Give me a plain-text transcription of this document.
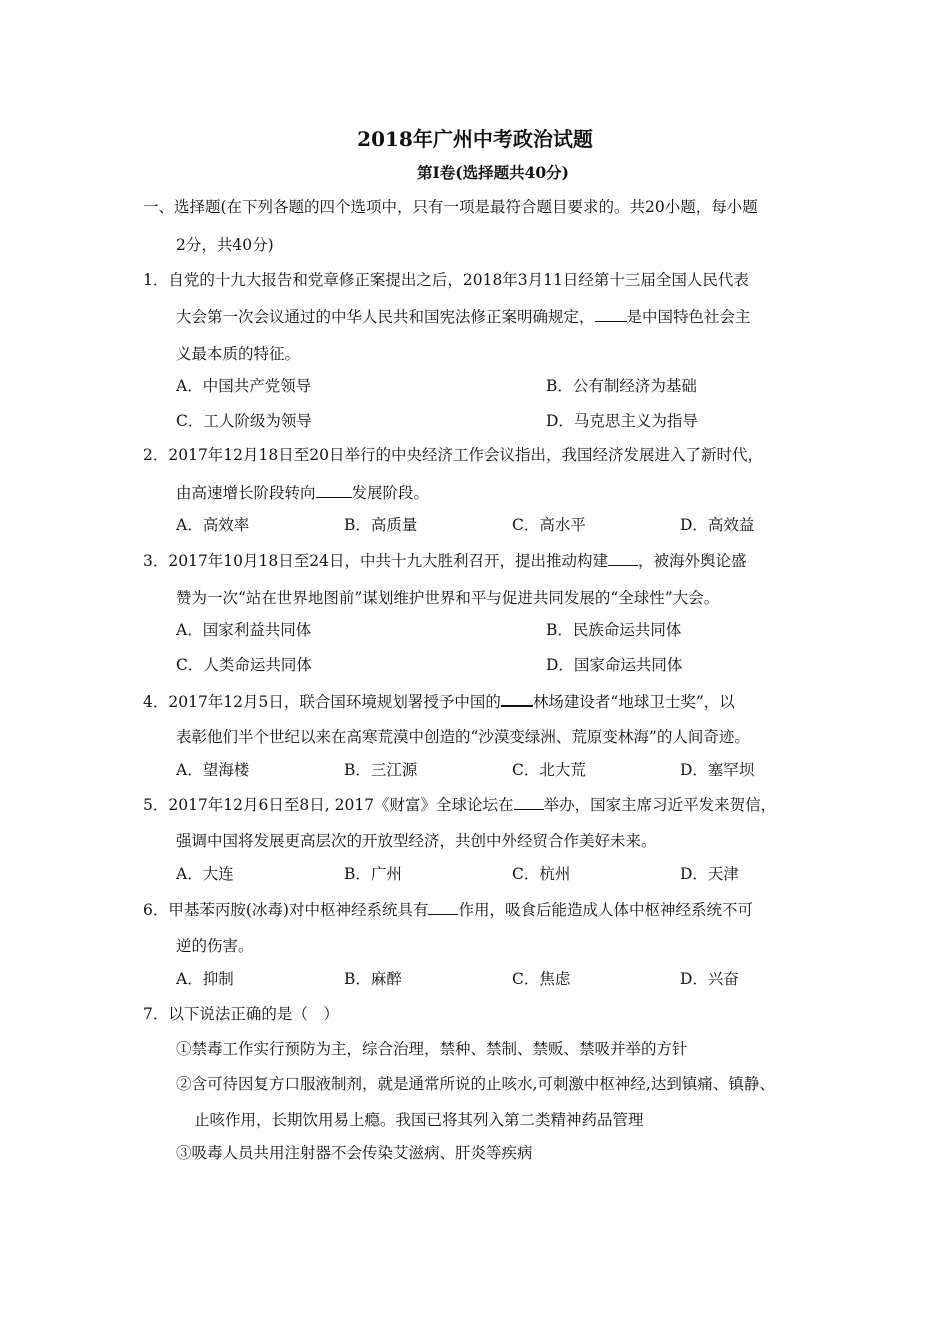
2018年广州中考政治试题
第I卷(选择题共40分)
一、选择题(在下列各题的四个选项中，只有一项是最符合题目要求的。共20小题，每小题
2分，共40分)
1．自党的十九大报告和党章修正案提出之后，2018年3月11日经第十三届全国人民代表
大会第一次会议通过的中华人民共和国宪法修正案明确规定， 是中国特色社会主
义最本质的特征。
A．中国共产党领导	B．公有制经济为基础
C．工人阶级为领导	D．马克思主义为指导
2．2017年12月18日至20日举行的中央经济工作会议指出，我国经济发展进入了新时代，
由高速增长阶段转向 发展阶段。
A．高效率	B．高质量	C．高水平	D．高效益
3．2017年10月18日至24日，中共十九大胜利召开，提出推动构建 ，被海外舆论盛
赞为一次“站在世界地图前”谋划维护世界和平与促进共同发展的“全球性”大会。
A．国家利益共同体	B．民族命运共同体
C．人类命运共同体	D．国家命运共同体
4．2017年12月5日，联合国环境规划署授予中国的 林场建设者“地球卫士奖”，以
表彰他们半个世纪以来在高寒荒漠中创造的“沙漠变绿洲、荒原变林海”的人间奇迹。
A．望海楼	B．三江源	C．北大荒	D．塞罕坝
5．2017年12月6日至8日, 2017《财富》全球论坛在 举办，国家主席习近平发来贺信，
强调中国将发展更高层次的开放型经济，共创中外经贸合作美好未来。
A．大连	B．广州	C．杭州	D．天津
6．甲基苯丙胺(冰毒)对中枢神经系统具有 作用，吸食后能造成人体中枢神经系统不可
逆的伤害。
A．抑制	B．麻醉	C．焦虑	D．兴奋
7．以下说法正确的是（　）
①禁毒工作实行预防为主，综合治理，禁种、禁制、禁贩、禁吸并举的方针
②含可待因复方口服液制剂，就是通常所说的止咳水,可刺激中枢神经,达到镇痛、镇静、
止咳作用，长期饮用易上瘾。我国已将其列入第二类精神药品管理
③吸毒人员共用注射器不会传染艾滋病、肝炎等疾病
